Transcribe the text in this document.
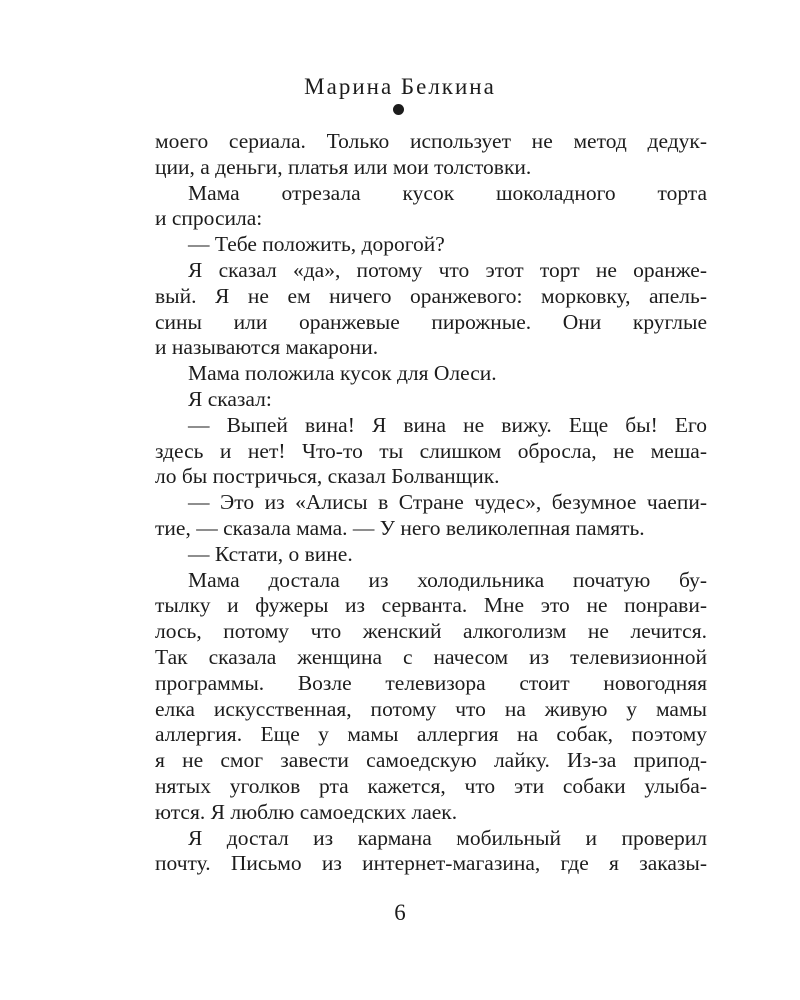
Марина Белкина
моего сериала. Только использует не метод дедук-
ции, а деньги, платья или мои толстовки.
Мама отрезала кусок шоколадного торта
и спросила:
— Тебе положить, дорогой?
Я сказал «да», потому что этот торт не оранже-
вый. Я не ем ничего оранжевого: морковку, апель-
сины или оранжевые пирожные. Они круглые
и называются макарони.
Мама положила кусок для Олеси.
Я сказал:
— Выпей вина! Я вина не вижу. Еще бы! Его
здесь и нет! Что-то ты слишком обросла, не меша-
ло бы постричься, сказал Болванщик.
— Это из «Алисы в Стране чудес», безумное чаепи-
тие, — сказала мама. — У него великолепная память.
— Кстати, о вине.
Мама достала из холодильника початую бу-
тылку и фужеры из серванта. Мне это не понрави-
лось, потому что женский алкоголизм не лечится.
Так сказала женщина с начесом из телевизионной
программы. Возле телевизора стоит новогодняя
елка искусственная, потому что на живую у мамы
аллергия. Еще у мамы аллергия на собак, поэтому
я не смог завести самоедскую лайку. Из-за припод-
нятых уголков рта кажется, что эти собаки улыба-
ются. Я люблю самоедских лаек.
Я достал из кармана мобильный и проверил
почту. Письмо из интернет-магазина, где я заказы-
6
